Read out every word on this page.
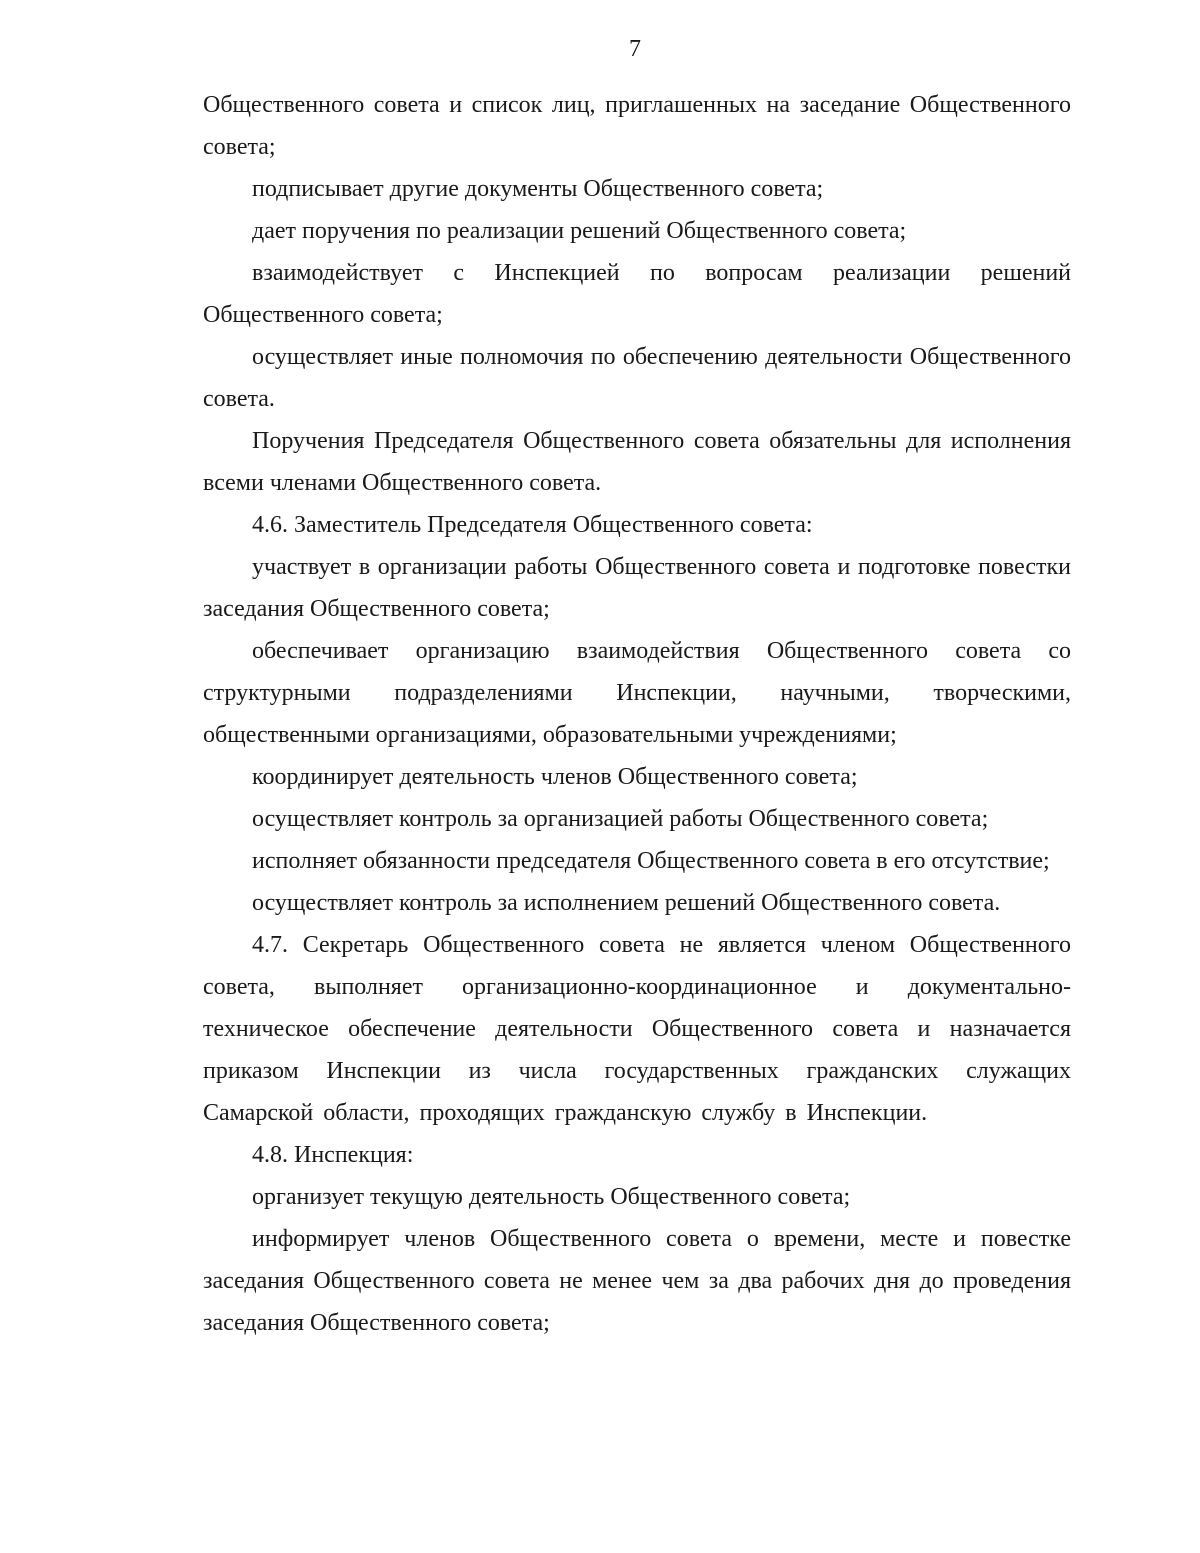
7

Общественного совета и список лиц, приглашенных на заседание Общественного совета;

подписывает другие документы Общественного совета;

дает поручения по реализации решений Общественного совета;

взаимодействует с Инспекцией по вопросам реализации решений Общественного совета;

осуществляет иные полномочия по обеспечению деятельности Общественного совета.

Поручения Председателя Общественного совета обязательны для исполнения всеми членами Общественного совета.

4.6. Заместитель Председателя Общественного совета:

участвует в организации работы Общественного совета и подготовке повестки заседания Общественного совета;

обеспечивает организацию взаимодействия Общественного совета со структурными подразделениями Инспекции, научными, творческими, общественными организациями, образовательными учреждениями;

координирует деятельность членов Общественного совета;

осуществляет контроль за организацией работы Общественного совета;

исполняет обязанности председателя Общественного совета в его отсутствие;

осуществляет контроль за исполнением решений Общественного совета.

4.7. Секретарь Общественного совета не является членом Общественного совета, выполняет организационно-координационное и документально-техническое обеспечение деятельности Общественного совета и назначается приказом Инспекции из числа государственных гражданских служащих Самарской области, проходящих гражданскую службу в Инспекции.

4.8. Инспекция:

организует текущую деятельность Общественного совета;

информирует членов Общественного совета о времени, месте и повестке заседания Общественного совета не менее чем за два рабочих дня до проведения заседания Общественного совета;
